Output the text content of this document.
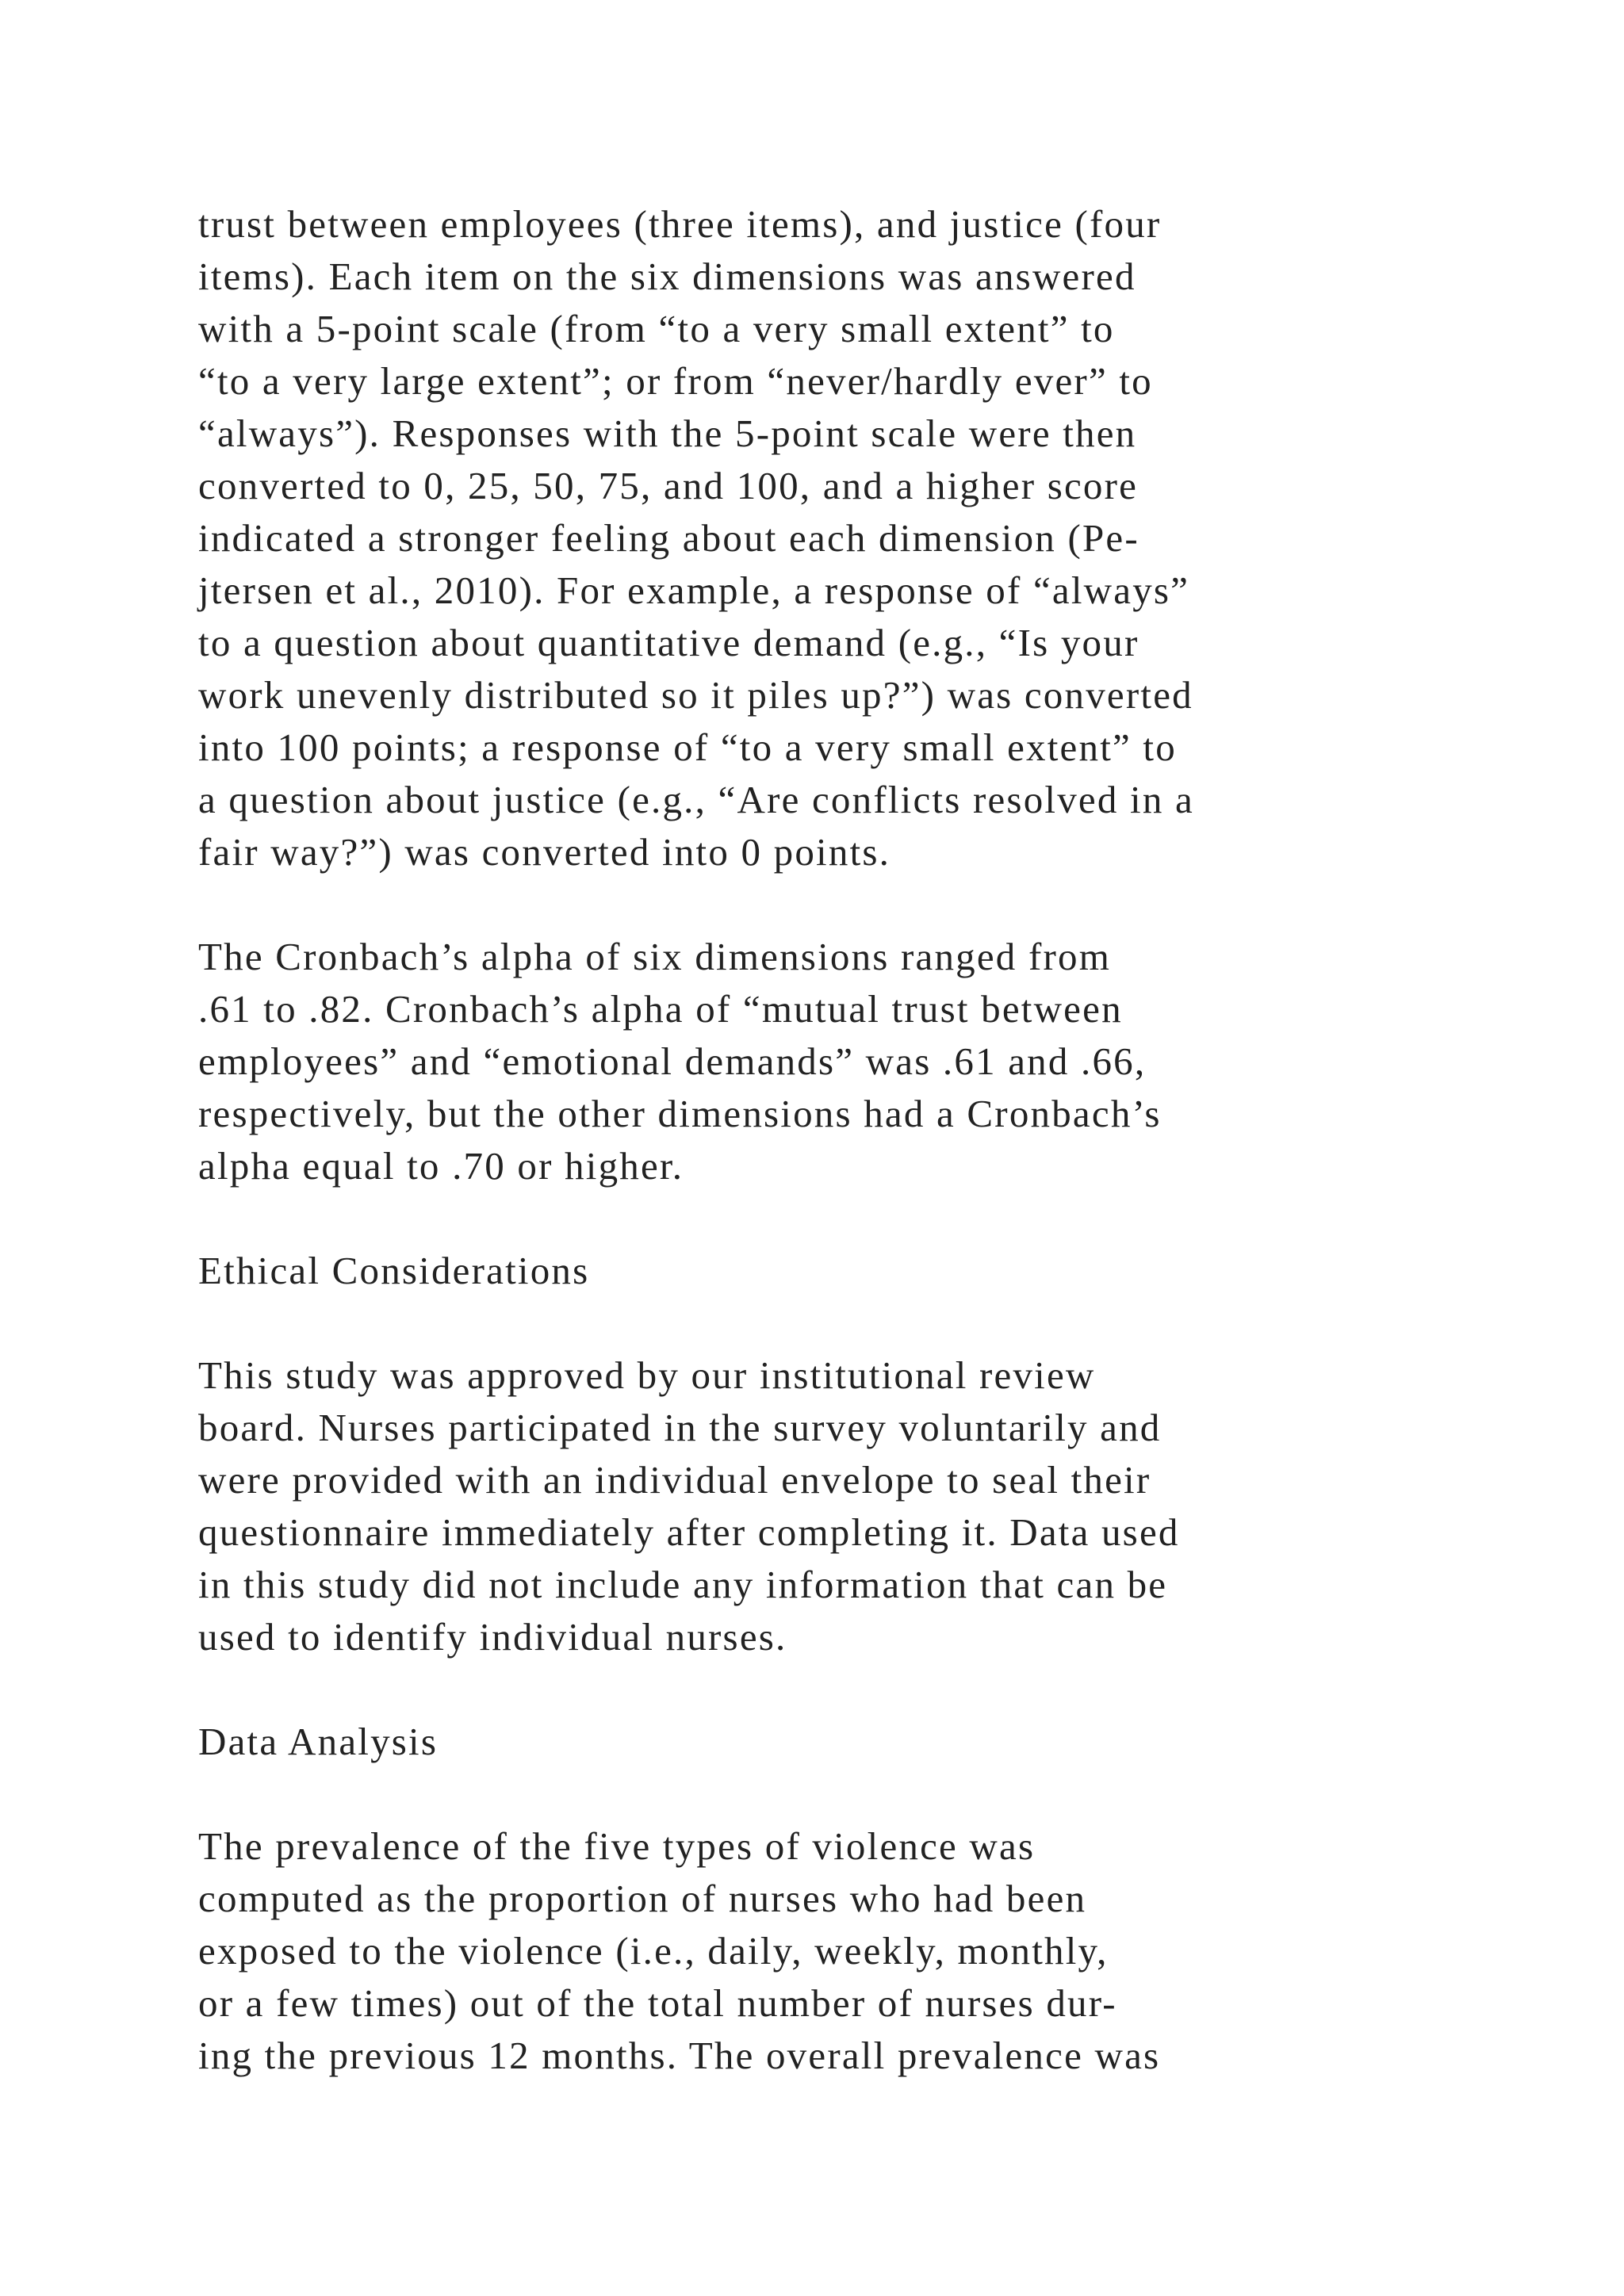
trust between employees (three items), and justice (four
items). Each item on the six dimensions was answered
with a 5-point scale (from “to a very small extent” to
“to a very large extent”; or from “never/hardly ever” to
“always”). Responses with the 5-point scale were then
converted to 0, 25, 50, 75, and 100, and a higher score
indicated a stronger feeling about each dimension (Pe-
jtersen et al., 2010). For example, a response of “always”
to a question about quantitative demand (e.g., “Is your
work unevenly distributed so it piles up?”) was converted
into 100 points; a response of “to a very small extent” to
a question about justice (e.g., “Are conflicts resolved in a
fair way?”) was converted into 0 points.
The Cronbach’s alpha of six dimensions ranged from
.61 to .82. Cronbach’s alpha of “mutual trust between
employees” and “emotional demands” was .61 and .66,
respectively, but the other dimensions had a Cronbach’s
alpha equal to .70 or higher.
Ethical Considerations
This study was approved by our institutional review
board. Nurses participated in the survey voluntarily and
were provided with an individual envelope to seal their
questionnaire immediately after completing it. Data used
in this study did not include any information that can be
used to identify individual nurses.
Data Analysis
The prevalence of the five types of violence was
computed as the proportion of nurses who had been
exposed to the violence (i.e., daily, weekly, monthly,
or a few times) out of the total number of nurses dur-
ing the previous 12 months. The overall prevalence was
